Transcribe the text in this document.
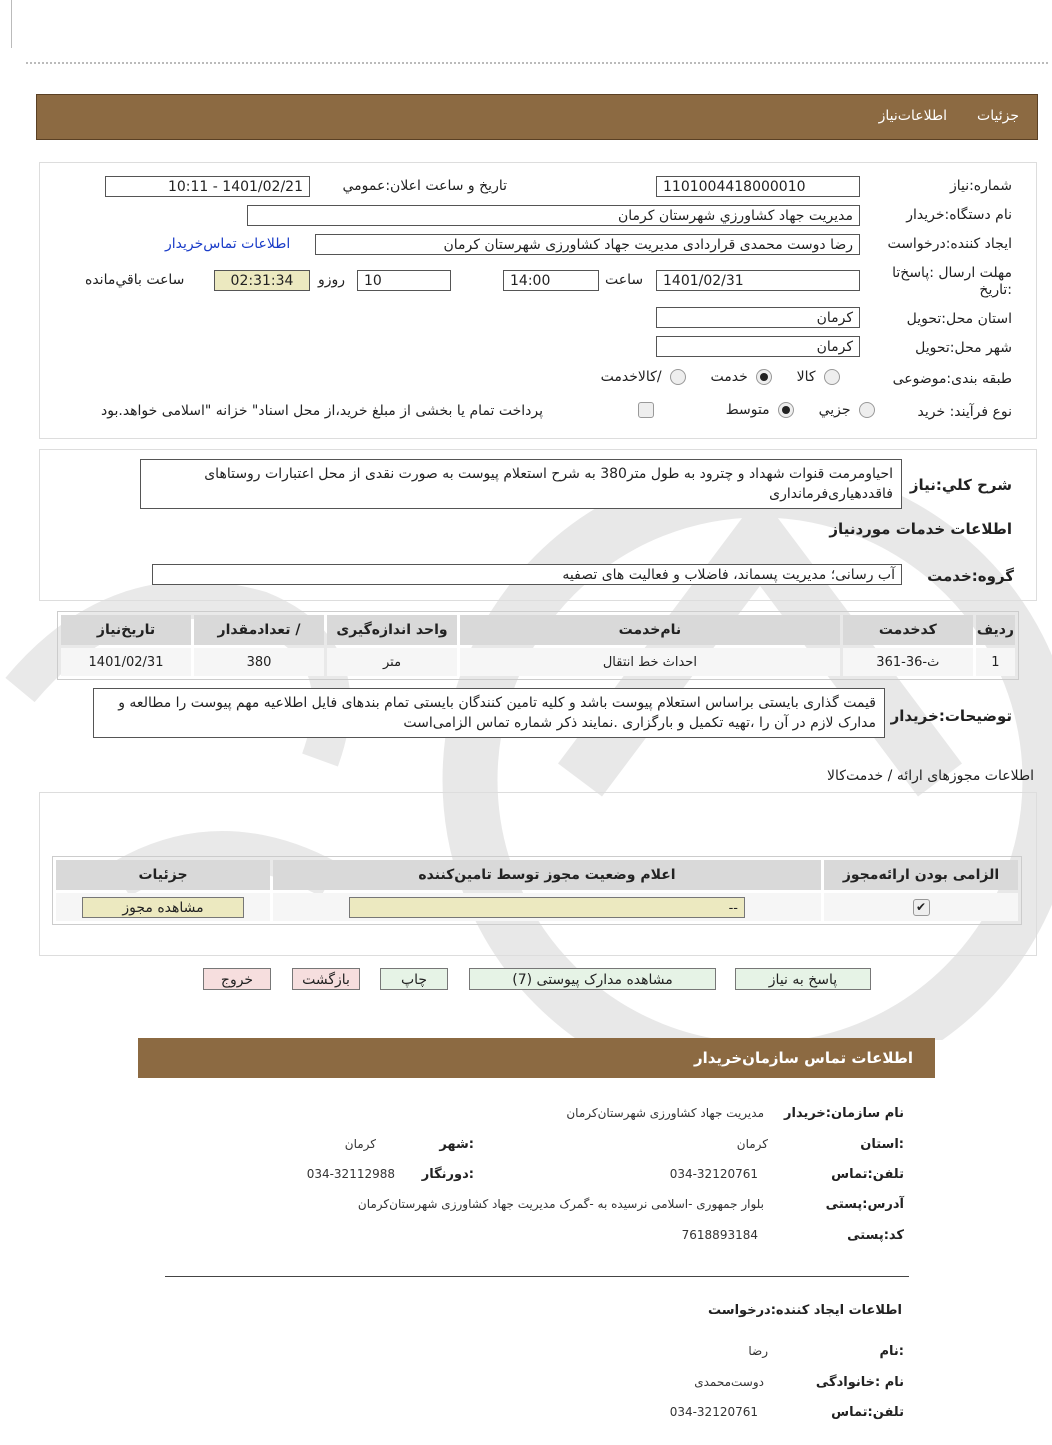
جزئیات
اطلاعات‌نیاز
شماره:نیاز
1101004418000010
تاريخ و ساعت اعلان:عمومي
1401/02/21 - 10:11
نام دستگاه:خريدار
مديريت جهاد كشاورزي شهرستان كرمان
ايجاد كننده:درخواست
رضا دوست محمدی قراردادی مدیریت جهاد کشاورزی شهرستان کرمان
اطلاعات تماس‌خریدار
مهلت ارسال :پاسخ‌تا :تاريخ
1401/02/31
ساعت
14:00
10
روزو
02:31:34
ساعت باقي‌مانده
استان محل:تحويل
كرمان
شهر محل:تحويل
كرمان
طبقه بندی:موضوعی
كالا  خدمت  /كالاخدمت
نوع فرآيند: خريد
جزيي  متوسط
پرداخت تمام يا بخشی از مبلغ خريد،از محل اسناد" خزانه "اسلامی خواهد.بود
شرح كلي:نياز
احیاومرمت قنوات شهداد و چترود به طول متر380 به شرح استعلام پیوست به صورت نقدی از محل اعتبارات روستاهای فاقددهیاری‌فرمانداری
اطلاعات خدمات موردنياز
گروه:خدمت
آب رسانی؛ مدیریت پسماند، فاضلاب و فعالیت های تصفیه
رديف	كدخدمت	نام‌خدمت	واحد اندازه‌گيری	/ تعدادمقدار	تاريخ‌نياز
1	ث-36-361	احداث خط انتقال	متر	380	1401/02/31
توضيحات:خريدار
قیمت گذاری بایستی براساس استعلام پیوست باشد و کلیه تامین کنندگان بایستی تمام بندهای فایل اطلاعیه مهم پیوست را مطالعه و مدارک لازم در آن را ،تهیه تکمیل و بارگزاری .نمایند ذکر شماره تماس الزامی‌است
اطلاعات مجوزهای ارائه / خدمت‌كالا
الزامی بودن ارائه‌مجوز	اعلام وضعيت مجوز توسط تامين‌كننده	جزئيات
✔	--	مشاهده مجوز
پاسخ به نياز
مشاهده مدارک پيوستی (7)
چاپ
بازگشت
خروج
اطلاعات تماس سازمان‌خريدار
نام سازمان:خريدار
مدیریت جهاد کشاورزی شهرستان‌کرمان
:استان
کرمان
:شهر
کرمان
تلفن:تماس
034-32120761
:دورنگار
034-32112988
آدرس:پستی
بلوار جمهوری -اسلامی نرسیده به -گمرک مدیریت جهاد کشاورزی شهرستان‌کرمان
كد:پستی
7618893184
اطلاعات ايجاد كننده:درخواست
:نام
رضا
نام :خانوادگی
دوست‌محمدی
تلفن:تماس
034-32120761
